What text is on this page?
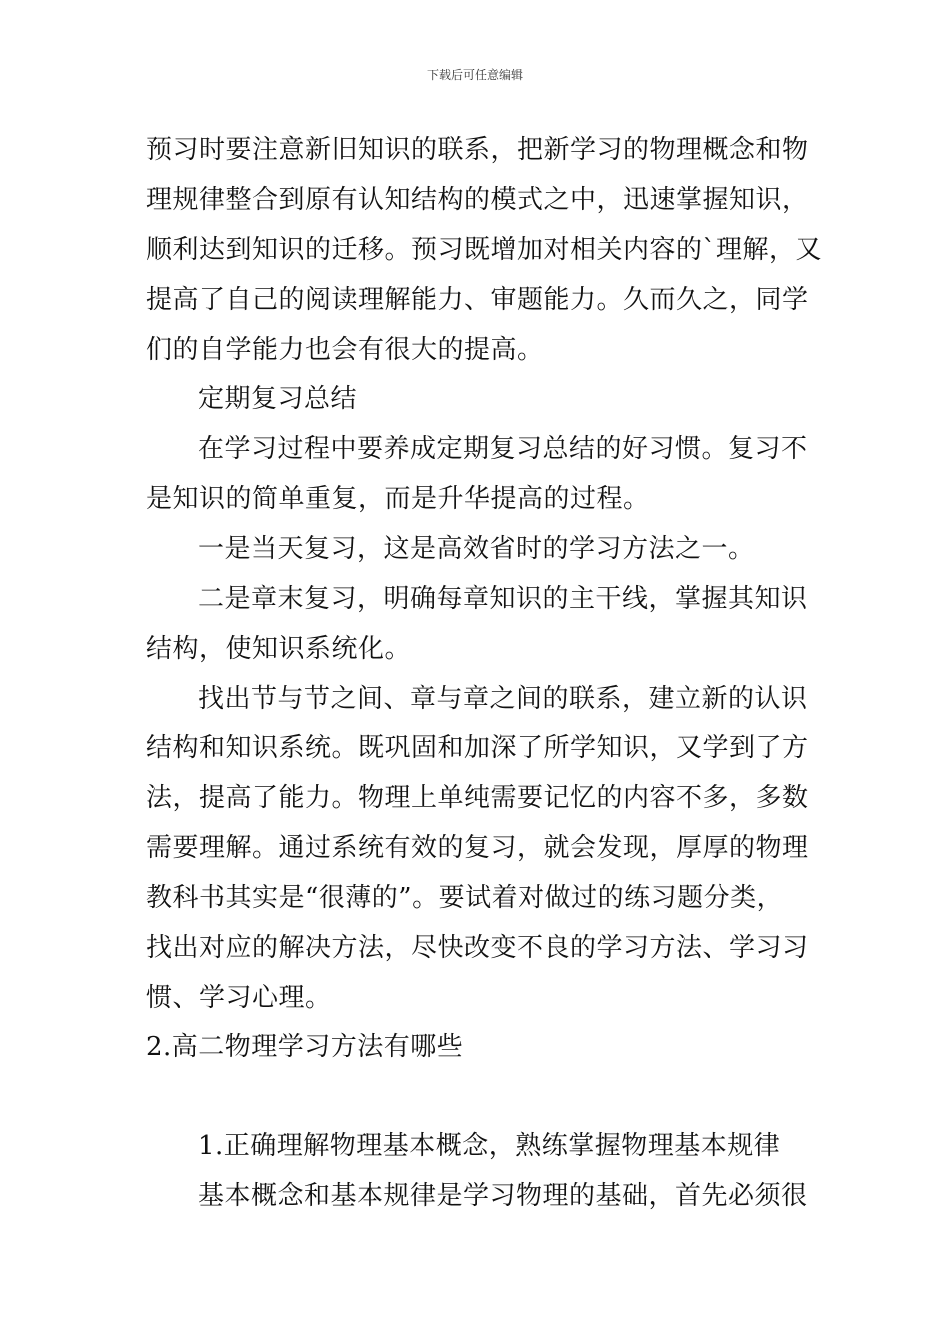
下载后可任意编辑
预习时要注意新旧知识的联系，把新学习的物理概念和物
理规律整合到原有认知结构的模式之中，迅速掌握知识，
顺利达到知识的迁移。预习既增加对相关内容的`理解，又
提高了自己的阅读理解能力、审题能力。久而久之，同学
们的自学能力也会有很大的提高。
定期复习总结
在学习过程中要养成定期复习总结的好习惯。复习不
是知识的简单重复，而是升华提高的过程。
一是当天复习，这是高效省时的学习方法之一。
二是章末复习，明确每章知识的主干线，掌握其知识
结构，使知识系统化。
找出节与节之间、章与章之间的联系，建立新的认识
结构和知识系统。既巩固和加深了所学知识，又学到了方
法，提高了能力。物理上单纯需要记忆的内容不多，多数
需要理解。通过系统有效的复习，就会发现，厚厚的物理
教科书其实是“很薄的”。要试着对做过的练习题分类，
找出对应的解决方法，尽快改变不良的学习方法、学习习
惯、学习心理。
2.高二物理学习方法有哪些
1.正确理解物理基本概念，熟练掌握物理基本规律
基本概念和基本规律是学习物理的基础，首先必须很
